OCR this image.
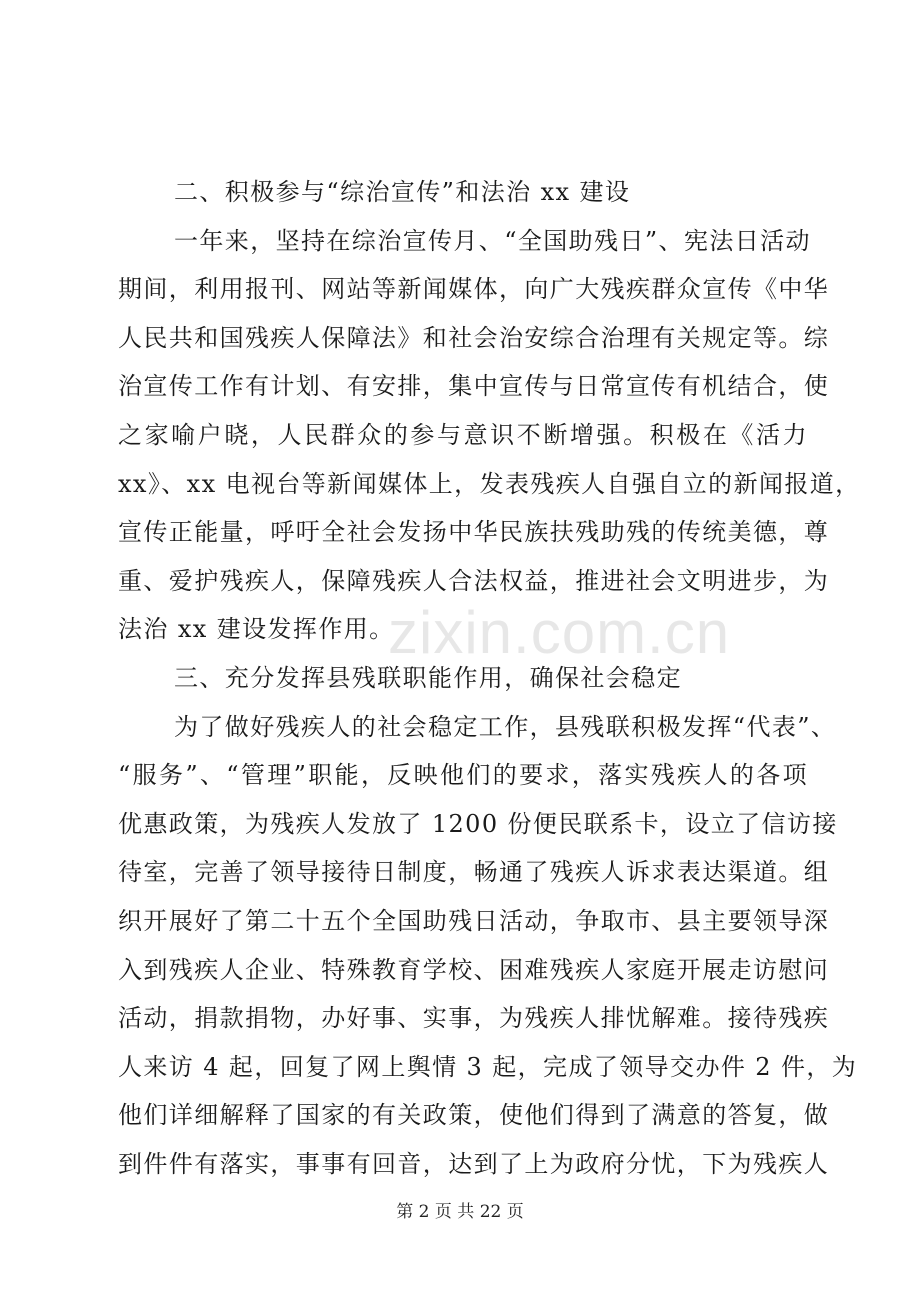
二、积极参与“综治宣传”和法治 xx 建设
一年来，坚持在综治宣传月、“全国助残日”、宪法日活动
期间，利用报刊、网站等新闻媒体，向广大残疾群众宣传《中华
人民共和国残疾人保障法》和社会治安综合治理有关规定等。综
治宣传工作有计划、有安排，集中宣传与日常宣传有机结合，使
之家喻户晓，人民群众的参与意识不断增强。积极在《活力
xx》、xx 电视台等新闻媒体上，发表残疾人自强自立的新闻报道，
宣传正能量，呼吁全社会发扬中华民族扶残助残的传统美德，尊
重、爱护残疾人，保障残疾人合法权益，推进社会文明进步，为
法治 xx 建设发挥作用。
三、充分发挥县残联职能作用，确保社会稳定
为了做好残疾人的社会稳定工作，县残联积极发挥“代表”、
“服务”、“管理”职能，反映他们的要求，落实残疾人的各项
优惠政策，为残疾人发放了 1200 份便民联系卡，设立了信访接
待室，完善了领导接待日制度，畅通了残疾人诉求表达渠道。组
织开展好了第二十五个全国助残日活动，争取市、县主要领导深
入到残疾人企业、特殊教育学校、困难残疾人家庭开展走访慰问
活动，捐款捐物，办好事、实事，为残疾人排忧解难。接待残疾
人来访 4 起，回复了网上舆情 3 起，完成了领导交办件 2 件，为
他们详细解释了国家的有关政策，使他们得到了满意的答复，做
到件件有落实，事事有回音，达到了上为政府分忧，下为残疾人
zixin.com.cn
第 2 页 共 22 页
